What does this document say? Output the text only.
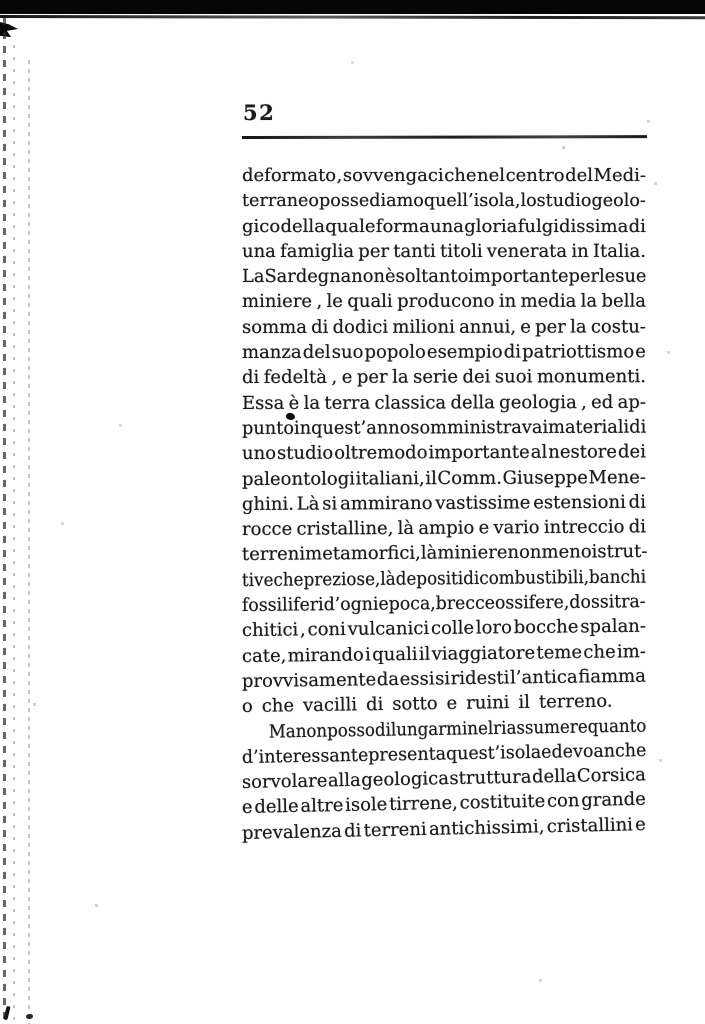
52
deformato , sovvengaci che nel centro del Medi-
terraneo possediamo quell’isola, lo studio geolo-
gico della quale forma una gloria fulgidissima di
una famiglia per tanti titoli venerata in Italia.
La Sardegna non è soltanto importante per le sue
miniere , le quali producono in media la bella
somma di dodici milioni annui, e per la costu-
manza del suo popolo esempio di patriottismo e
di fedeltà , e per la serie dei suoi monumenti.
Essa è la terra classica della geologia , ed ap-
punto in quest’anno somministrava i materiali di
uno studio oltremodo importante al nestore dei
paleontologi italiani, il Comm. Giuseppe Mene-
ghini. Là si ammirano vastissime estensioni di
rocce cristalline, là ampio e vario intreccio di
terreni metamorfici, là miniere non meno istrut-
tive che preziose, là depositi di combustibili, banchi
fossiliferi d’ogni epoca, brecce ossifere, dossi tra-
chitici , coni vulcanici colle loro bocche spalan-
cate, mirando i quali il viaggiatore teme che im-
provvisamente da essi si ridesti l’antica fiamma
o che vacilli di sotto e ruini il terreno.
Ma non posso dilungarmi nel riassumere quanto
d’interessante presenta quest’isola e devo anche
sorvolare alla geologica struttura della Corsica
e delle altre isole tirrene, costituite con grande
prevalenza di terreni antichissimi, cristallini e
